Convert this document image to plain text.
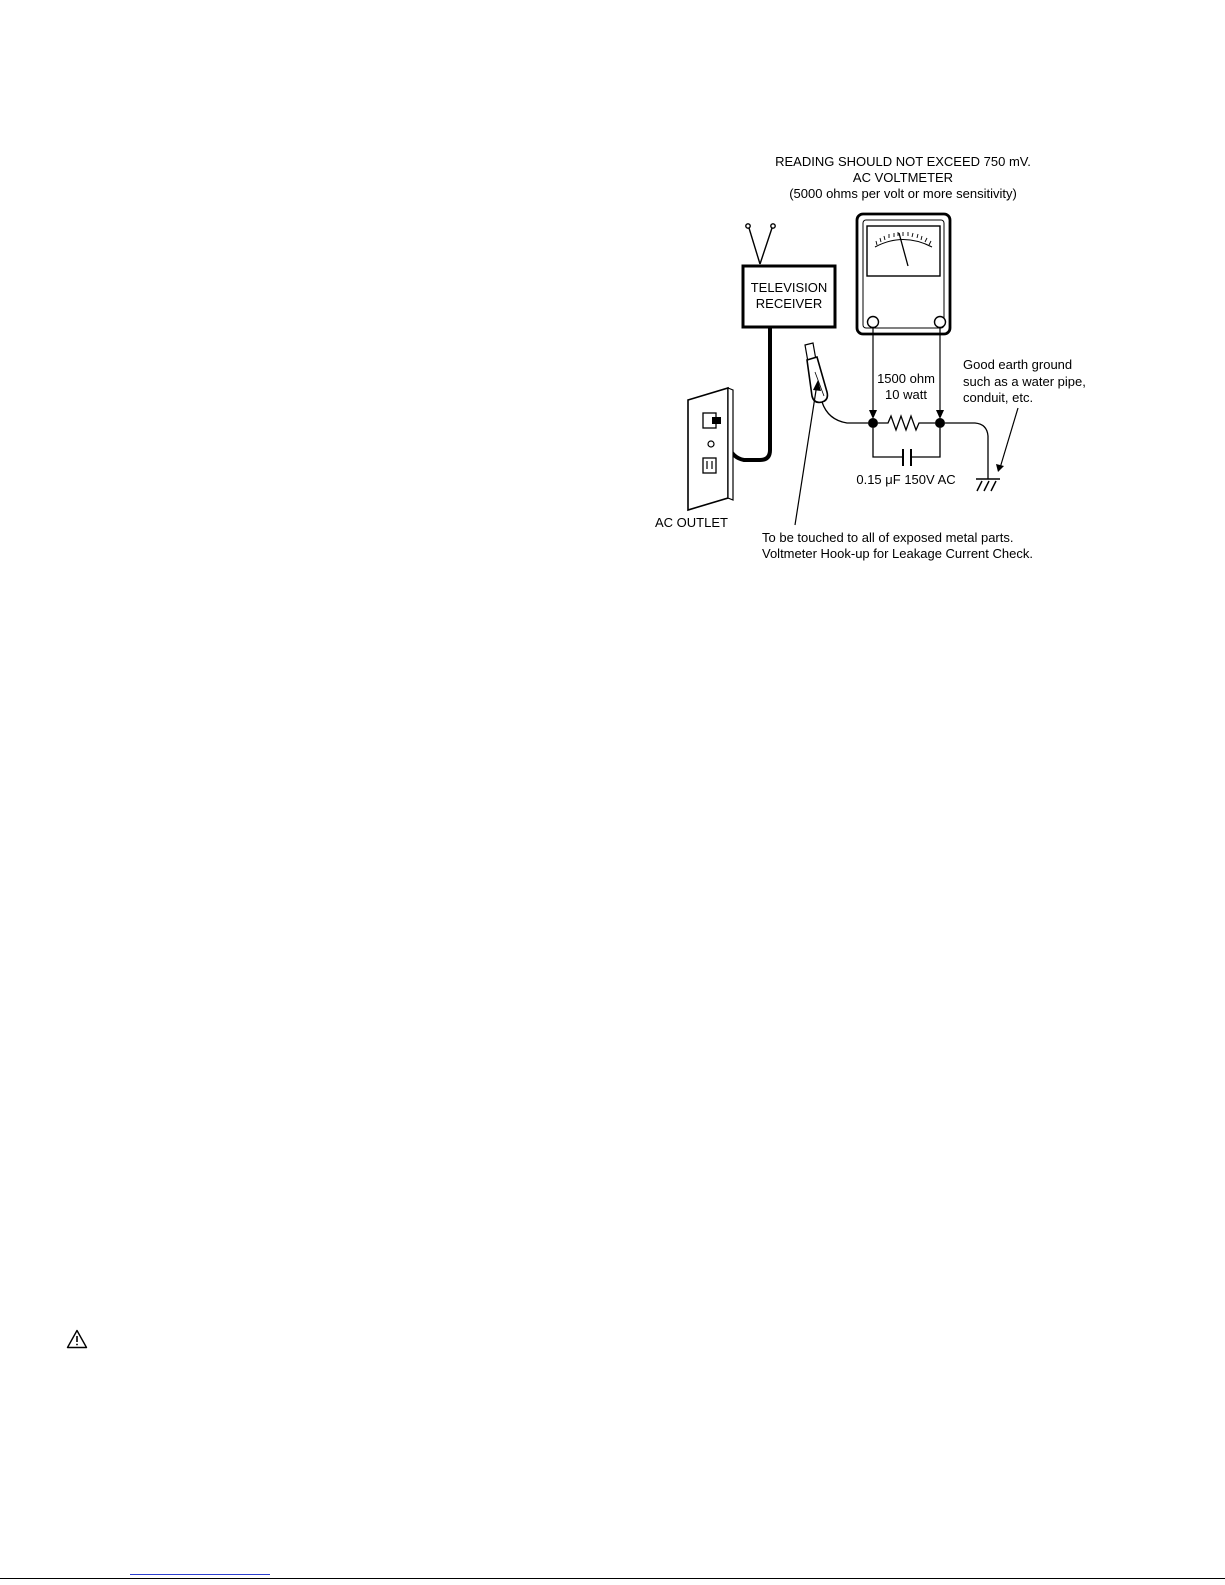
READING SHOULD NOT EXCEED 750 mV.
AC VOLTMETER
(5000 ohms per volt or more sensitivity)
TELEVISION
RECEIVER
AC OUTLET
1500 ohm
10 watt
0.15 μF 150V AC
Good earth ground
such as a water pipe,
conduit, etc.
To be touched to all of exposed metal parts.
Voltmeter Hook-up for Leakage Current Check.
